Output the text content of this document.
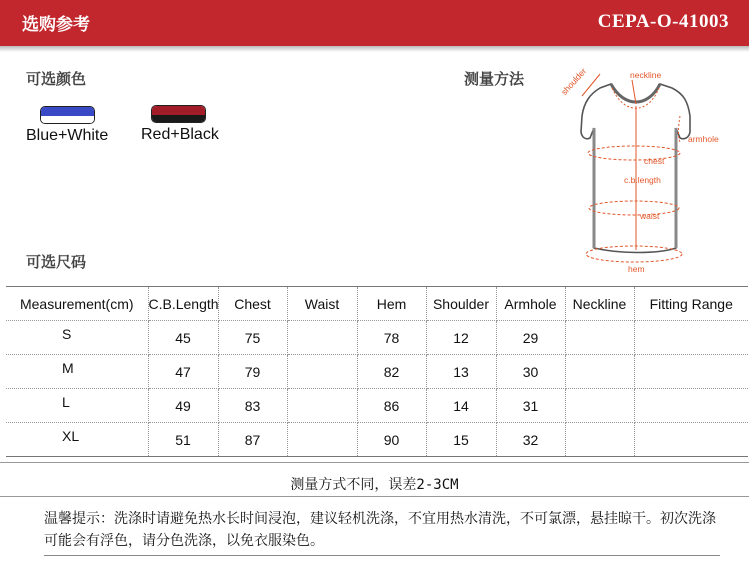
选购参考	CEPA-O-41003
可选颜色
Blue+White Red+Black
测量方法	shoulder	neckline
armhole
chest
c.b.length
waist
hem
可选尺码
Measurement(cm)	C.B.Length	Chest	Waist	Hem	Shoulder	Armhole	Neckline	Fitting Range
S	45	75		78	12	29		
M	47	79		82	13	30		
L	49	83		86	14	31		
XL	51	87		90	15	32		
测量方式不同，误差2-3CM
温馨提示：洗涤时请避免热水长时间浸泡，建议轻机洗涤，不宜用热水清洗，不可氯漂，悬挂晾干。初次洗涤可能会有浮色，请分色洗涤，以免衣服染色。
